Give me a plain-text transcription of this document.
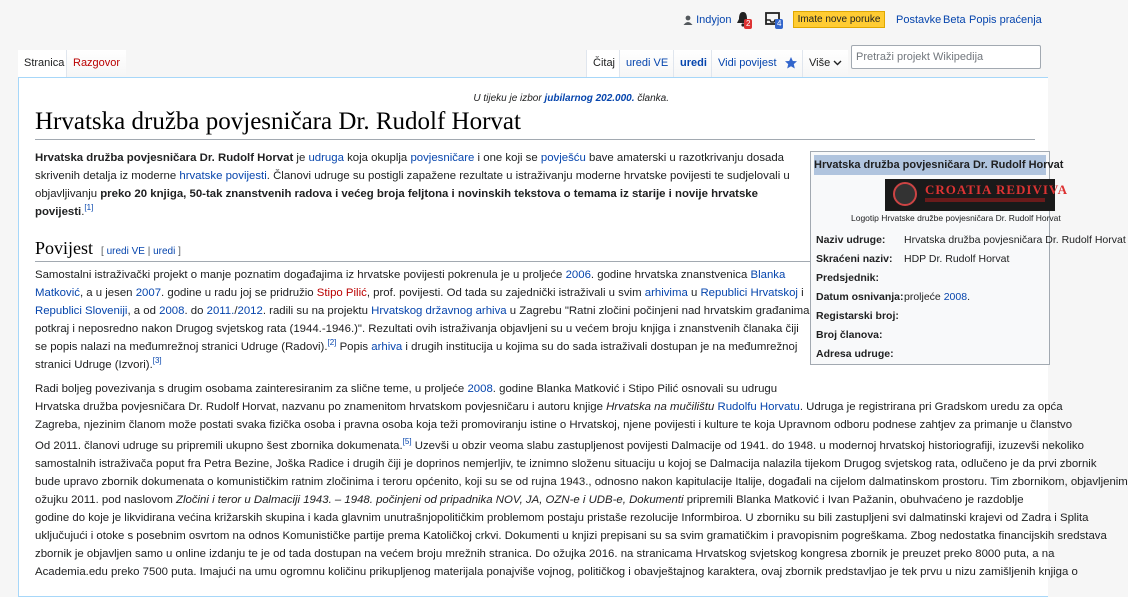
Indyjon 2	4	Imate nove poruke	Postavke Beta Popis praćenja
Stranica Razgovor	Čitaj uredi VE	uredi	Vidi povijest	Više	Pretraži projekt Wikipedija
U tijeku je izbor jubilarnog 202.000. članka.
Hrvatska družba povjesničara Dr. Rudolf Horvat
Hrvatska družba povjesničara Dr. Rudolf Horvat je udruga koja okuplja povjesničare i one koji se povješću bave amaterski u razotkrivanju dosada
skrivenih detalja iz moderne hrvatske povijesti. Članovi udruge su postigli zapažene rezultate u istraživanju moderne hrvatske povijesti te sudjelovali u
objavljivanju preko 20 knjiga, 50-tak znanstvenih radova i većeg broja feljtona i novinskih tekstova o temama iz starije i novije hrvatske
povijesti.[1]
Povijest [ uredi VE | uredi ]
Samostalni istraživački projekt o manje poznatim događajima iz hrvatske povijesti pokrenula je u proljeće 2006. godine hrvatska znanstvenica Blanka
Matković, a u jesen 2007. godine u radu joj se pridružio Stipo Pilić, prof. povijesti. Od tada su zajednički istraživali u svim arhivima u Republici Hrvatskoj i
Republici Sloveniji, a od 2008. do 2011./2012. radili su na projektu Hrvatskog državnog arhiva u Zagrebu "Ratni zločini počinjeni nad hrvatskim građanima
potkraj i neposredno nakon Drugog svjetskog rata (1944.-1946.)". Rezultati ovih istraživanja objavljeni su u većem broju knjiga i znanstvenih članaka čiji
se popis nalazi na međumrežnoj stranici Udruge (Radovi).[2] Popis arhiva i drugih institucija u kojima su do sada istraživali dostupan je na međumrežnoj
stranici Udruge (Izvori).[3]
Radi boljeg povezivanja s drugim osobama zainteresiranim za slične teme, u proljeće 2008. godine Blanka Matković i Stipo Pilić osnovali su udrugu
Hrvatska družba povjesničara Dr. Rudolf Horvat, nazvanu po znamenitom hrvatskom povjesničaru i autoru knjige Hrvatska na mučilištu Rudolfu Horvatu. Udruga je registrirana pri Gradskom uredu za opća
Zagreba, njezinim članom može postati svaka fizička osoba i pravna osoba koja teži promoviranju istine o Hrvatskoj, njene povijesti i kulture te koja Upravnom odboru podnese zahtjev za primanje u članstvo
Od 2011. članovi udruge su pripremili ukupno šest zbornika dokumenata.[5] Uzevši u obzir veoma slabu zastupljenost povijesti Dalmacije od 1941. do 1948. u modernoj hrvatskoj historiografiji, izuzevši nekoliko
samostalnih istraživača poput fra Petra Bezine, Joška Radice i drugih čiji je doprinos nemjerljiv, te iznimno složenu situaciju u kojoj se Dalmacija nalazila tijekom Drugog svjetskog rata, odlučeno je da prvi zbornik
bude upravo zbornik dokumenata o komunističkim ratnim zločinima i teroru općenito, koji su se od rujna 1943., odnosno nakon kapitulacije Italije, događali na cijelom dalmatinskom prostoru. Tim zbornikom, objavljenim
ožujku 2011. pod naslovom Zločini i teror u Dalmaciji 1943. – 1948. počinjeni od pripadnika NOV, JA, OZN-e i UDB-e, Dokumenti pripremili Blanka Matković i Ivan Pažanin, obuhvaćeno je razdoblje
godine do koje je likvidirana većina križarskih skupina i kada glavnim unutrašnjopolitičkim problemom postaju pristaše rezolucije Informbiroa. U zborniku su bili zastupljeni svi dalmatinski krajevi od Zadra i Splita
uključujući i otoke s posebnim osvrtom na odnos Komunističke partije prema Katoličkoj crkvi. Dokumenti u knjizi prepisani su sa svim gramatičkim i pravopisnim pogreškama. Zbog nedostatka financijskih sredstava
zbornik je objavljen samo u online izdanju te je od tada dostupan na većem broju mrežnih stranica. Do ožujka 2016. na stranicama Hrvatskog svjetskog kongresa zbornik je preuzet preko 8000 puta, a na
Academia.edu preko 7500 puta. Imajući na umu ogromnu količinu prikupljenog materijala ponajviše vojnog, političkog i obavještajnog karaktera, ovaj zbornik predstavljao je tek prvu u nizu zamišljenih knjiga o
Hrvatska družba povjesničara Dr. Rudolf Horvat
CROATIA REDIVIVA
Logotip Hrvatske družbe povjesničara Dr. Rudolf Horvat
Naziv udruge: Hrvatska družba povjesničara Dr. Rudolf Horvat
Skraćeni naziv: HDP Dr. Rudolf Horvat
Predsjednik:
Datum osnivanja: proljeće 2008.
Registarski broj:
Broj članova:
Adresa udruge:
